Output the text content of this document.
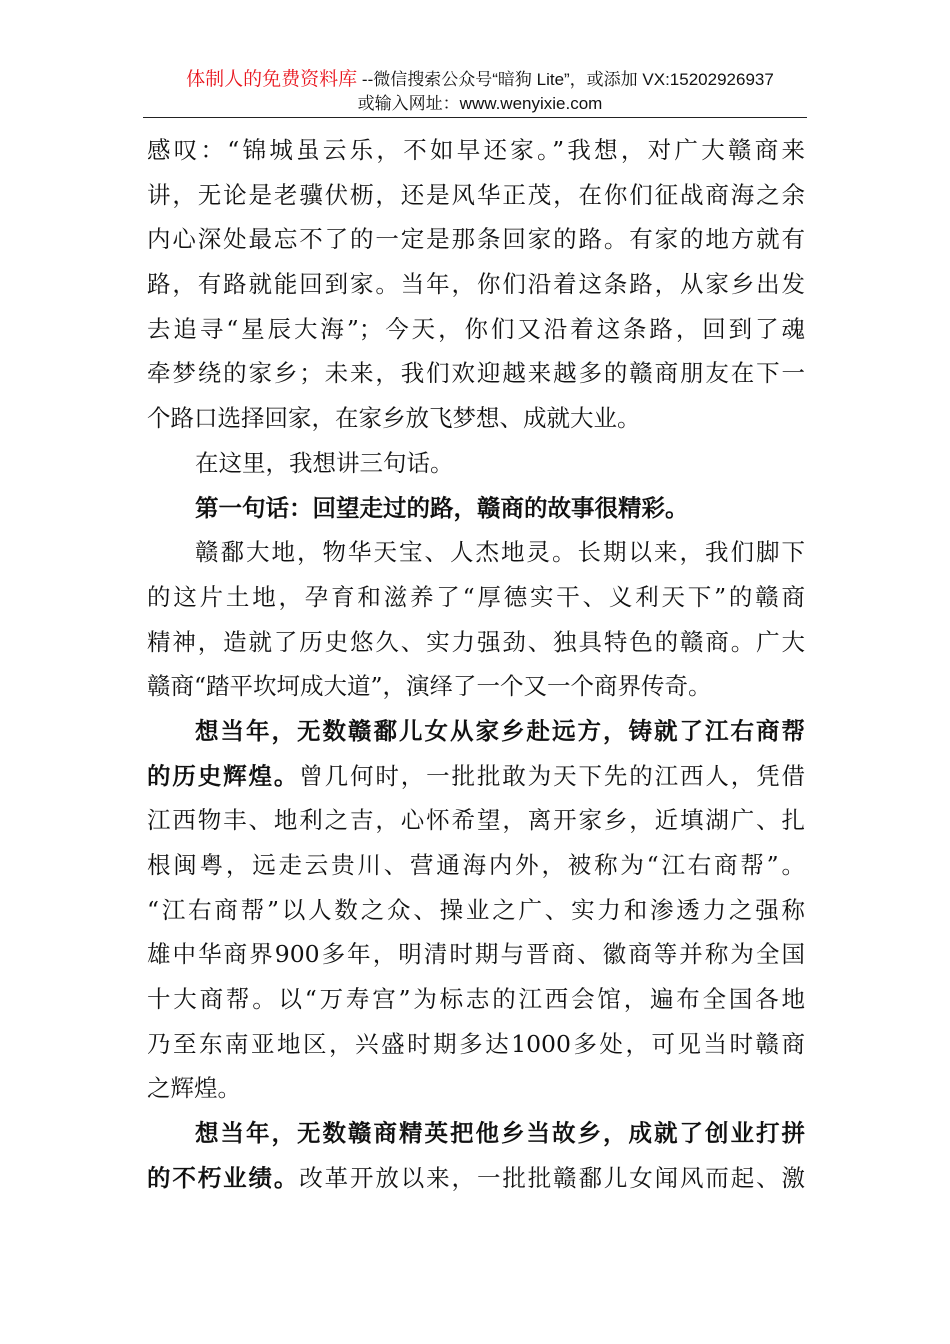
体制人的免费资料库 --微信搜索公众号“暗狗 Lite”，或添加 VX:15202926937
或输入网址：www.wenyixie.com
感叹：“锦城虽云乐，不如早还家。”我想，对广大赣商来
讲，无论是老骥伏枥，还是风华正茂，在你们征战商海之余
内心深处最忘不了的一定是那条回家的路。有家的地方就有
路，有路就能回到家。当年，你们沿着这条路，从家乡出发
去追寻“星辰大海”；今天，你们又沿着这条路，回到了魂
牵梦绕的家乡；未来，我们欢迎越来越多的赣商朋友在下一
个路口选择回家，在家乡放飞梦想、成就大业。
在这里，我想讲三句话。
第一句话：回望走过的路，赣商的故事很精彩。
赣鄱大地，物华天宝、人杰地灵。长期以来，我们脚下
的这片土地，孕育和滋养了“厚德实干、义利天下”的赣商
精神，造就了历史悠久、实力强劲、独具特色的赣商。广大
赣商“踏平坎坷成大道”，演绎了一个又一个商界传奇。
想当年，无数赣鄱儿女从家乡赴远方，铸就了江右商帮
的历史辉煌。曾几何时，一批批敢为天下先的江西人，凭借
江西物丰、地利之吉，心怀希望，离开家乡，近填湖广、扎
根闽粤，远走云贵川、营通海内外，被称为“江右商帮”。
“江右商帮”以人数之众、操业之广、实力和渗透力之强称
雄中华商界900多年，明清时期与晋商、徽商等并称为全国
十大商帮。以“万寿宫”为标志的江西会馆，遍布全国各地
乃至东南亚地区，兴盛时期多达1000多处，可见当时赣商
之辉煌。
想当年，无数赣商精英把他乡当故乡，成就了创业打拼
的不朽业绩。改革开放以来，一批批赣鄱儿女闻风而起、激
